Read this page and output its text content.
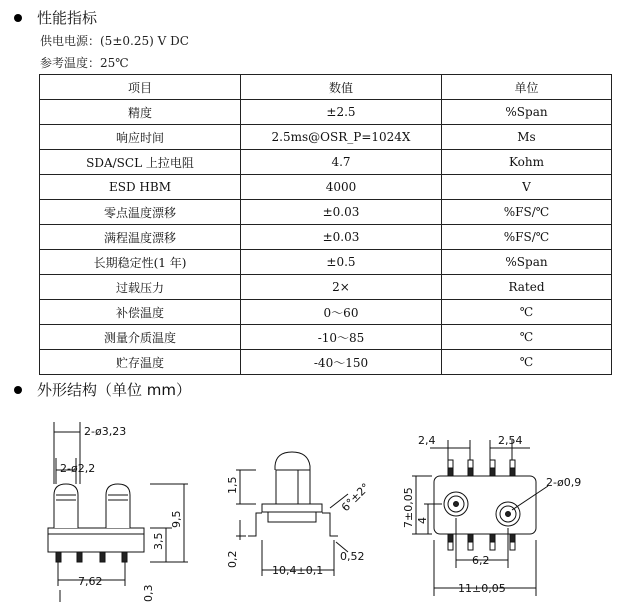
性能指标
供电电源：(5±0.25) V DC
参考温度：25℃
项目	数值	单位
精度	±2.5	%Span
响应时间	2.5ms@OSR_P=1024X	Ms
SDA/SCL 上拉电阻	4.7	Kohm
ESD HBM	4000	V
零点温度漂移	±0.03	%FS/℃
满程温度漂移	±0.03	%FS/℃
长期稳定性(1 年)	±0.5	%Span
过载压力	2×	Rated
补偿温度	0～60	℃
测量介质温度	-10～85	℃
贮存温度	-40～150	℃
外形结构（单位 mm）
2-ø3,23
2-ø2,2
9,5
3,5
7,62
0,3
1,5	6°±2°
0,2
10,4±0,1
0,52
2,4	2,54
2-ø0,9
7±0,05 4
6,2
11±0,05
